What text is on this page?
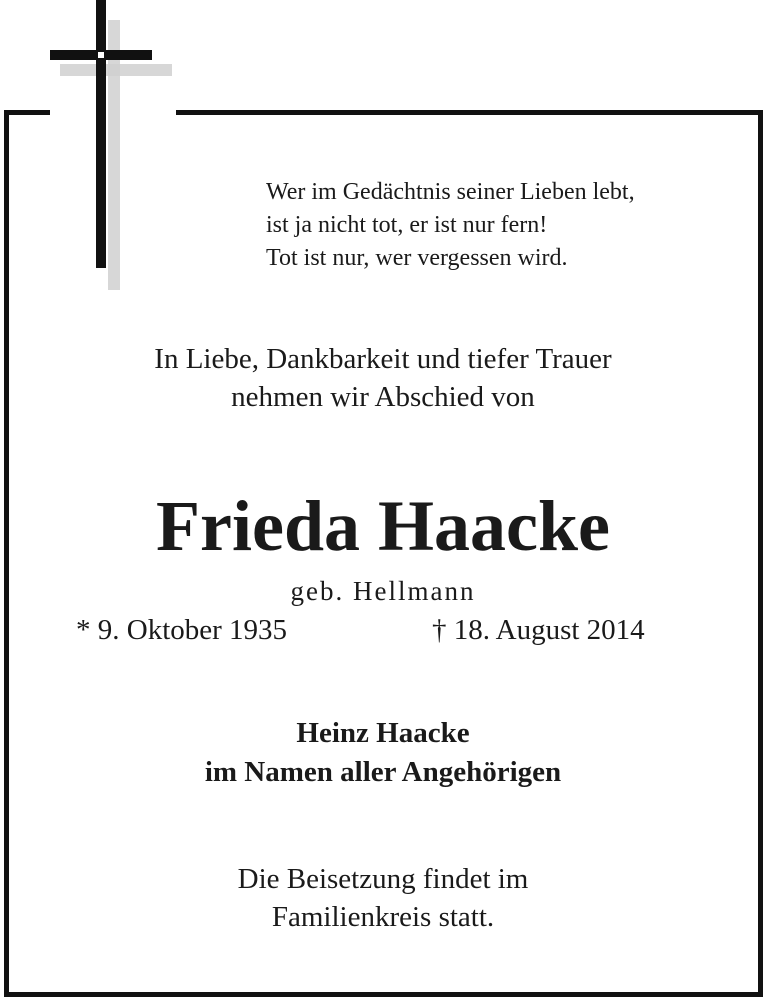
Wer im Gedächtnis seiner Lieben lebt,
ist ja nicht tot, er ist nur fern!
Tot ist nur, wer vergessen wird.
In Liebe, Dankbarkeit und tiefer Trauer
nehmen wir Abschied von
Frieda Haacke
geb. Hellmann
* 9. Oktober 1935	† 18. August 2014
Heinz Haacke
im Namen aller Angehörigen
Die Beisetzung findet im
Familienkreis statt.
